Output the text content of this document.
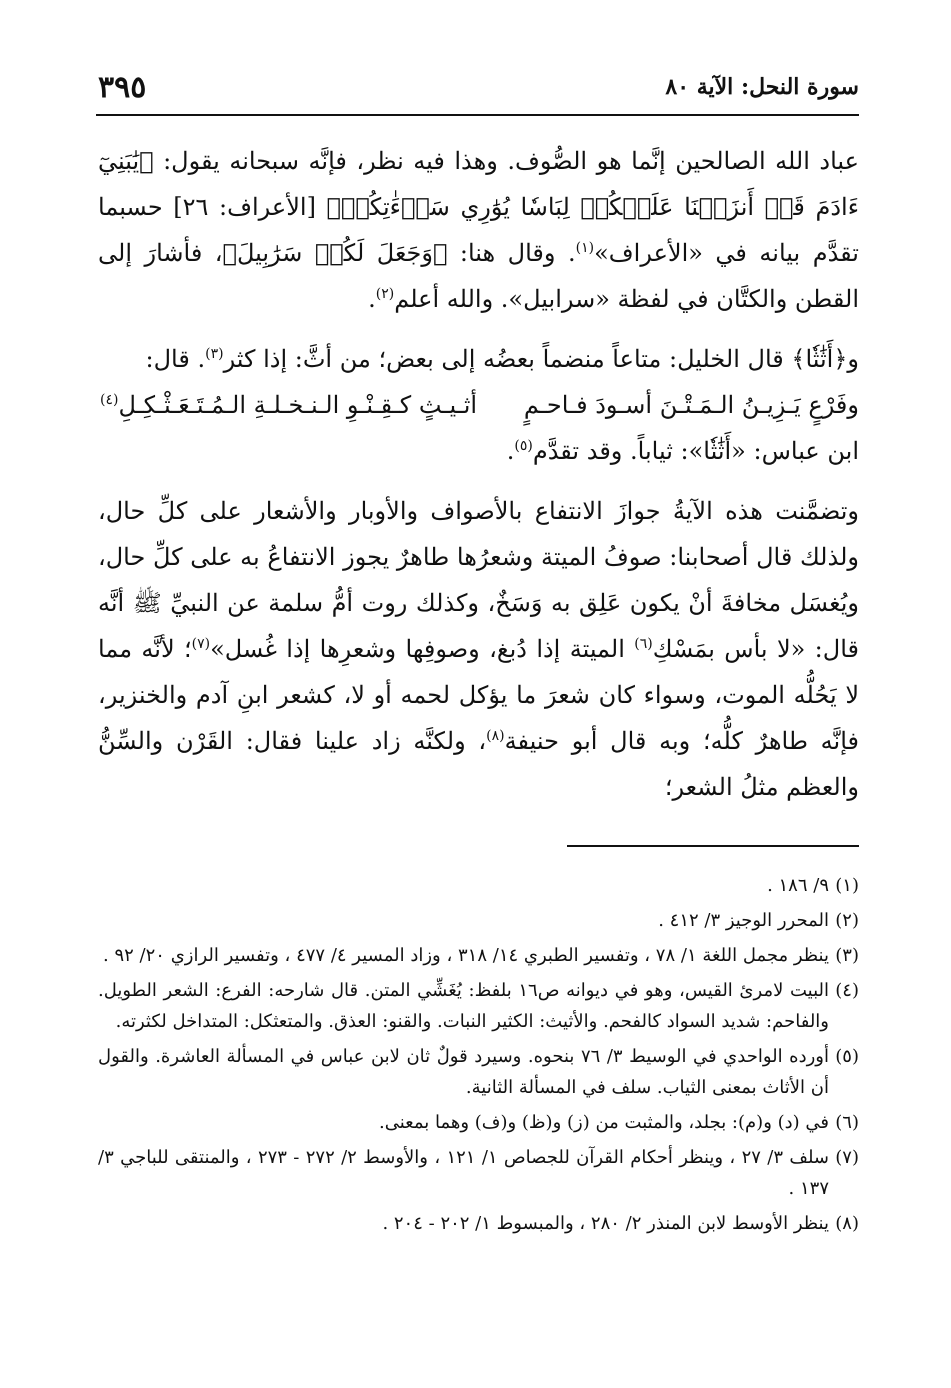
سورة النحل: الآية ٨٠
٣٩٥

عباد الله الصالحين إنَّما هو الصُّوف. وهذا فيه نظر، فإنَّه سبحانه يقول: ﴿يَٰبَنِيٓ ءَادَمَ قَدۡ أَنزَلۡنَا عَلَيۡكُمۡ لِبَاسٗا يُوَٰرِي سَوۡءَٰتِكُمۡ﴾ [الأعراف: ٢٦] حسبما تقدَّم بيانه في «الأعراف»$^{(١)}$. وقال هنا: ﴿وَجَعَلَ لَكُمۡ سَرَٰبِيلَ﴾، فأشارَ إلى القطن والكتَّان في لفظة «سرابيل». والله أعلم$^{(٢)}$.

و﴿أَثَٰثٗا﴾ قال الخليل: متاعاً منضماً بعضُه إلى بعض؛ من أثَّ: إذا كثر$^{(٣)}$. قال:

وفَرْعٍ يَـزِيـنُ الـمَـتْـنَ أسـودَ فـاحـمٍ
أثـيـثٍ كـقِـنْـوِ الـنـخـلـةِ الـمُـتَـعَـثْـكِـلِ$^{(٤)}$

ابن عباس: «أَثَٰثٗا»: ثياباً. وقد تقدَّم$^{(٥)}$.

وتضمَّنت هذه الآيةُ جوازَ الانتفاع بالأصواف والأوبار والأشعار على كلِّ حال، ولذلك قال أصحابنا: صوفُ الميتة وشعرُها طاهرٌ يجوز الانتفاعُ به على كلِّ حال، ويُغسَل مخافةَ أنْ يكون عَلِق به وَسَخٌ، وكذلك روت أمُّ سلمة عن النبيِّ ﷺ أنَّه قال: «لا بأس بمَسْكِ$^{(٦)}$ الميتة إذا دُبغ، وصوفِها وشعرِها إذا غُسل»$^{(٧)}$؛ لأنَّه مما لا يَحُلُّه الموت، وسواء كان شعرَ ما يؤكل لحمه أو لا، كشعر ابنِ آدم والخنزير، فإنَّه طاهرٌ كلُّه؛ وبه قال أبو حنيفة$^{(٨)}$، ولكنَّه زاد علينا فقال: القَرْن والسِّنُّ والعظم مثلُ الشعر؛

(١)
٩/ ١٨٦ .
(٢)
المحرر الوجيز ٣/ ٤١٢ .
(٣)
ينظر مجمل اللغة ١/ ٧٨ ، وتفسير الطبري ١٤/ ٣١٨ ، وزاد المسير ٤/ ٤٧٧ ، وتفسير الرازي ٢٠/ ٩٢ .
(٤)
البيت لامرئ القيس، وهو في ديوانه ص١٦ بلفظ: يُغَشِّي المتن. قال شارحه: الفرع: الشعر الطويل. والفاحم: شديد السواد كالفحم. والأثيث: الكثير النبات. والقنو: العذق. والمتعثكل: المتداخل لكثرته.
(٥)
أورده الواحدي في الوسيط ٣/ ٧٦ بنحوه. وسيرد قولٌ ثان لابن عباس في المسألة العاشرة. والقول أن الأثاث بمعنى الثياب. سلف في المسألة الثانية.
(٦)
في (د) و(م): بجلد، والمثبت من (ز) و(ظ) و(ف) وهما بمعنى.
(٧)
سلف ٣/ ٢٧ ، وينظر أحكام القرآن للجصاص ١/ ١٢١ ، والأوسط ٢/ ٢٧٢ - ٢٧٣ ، والمنتقى للباجي ٣/ ١٣٧ .
(٨)
ينظر الأوسط لابن المنذر ٢/ ٢٨٠ ، والمبسوط ١/ ٢٠٢ - ٢٠٤ .
